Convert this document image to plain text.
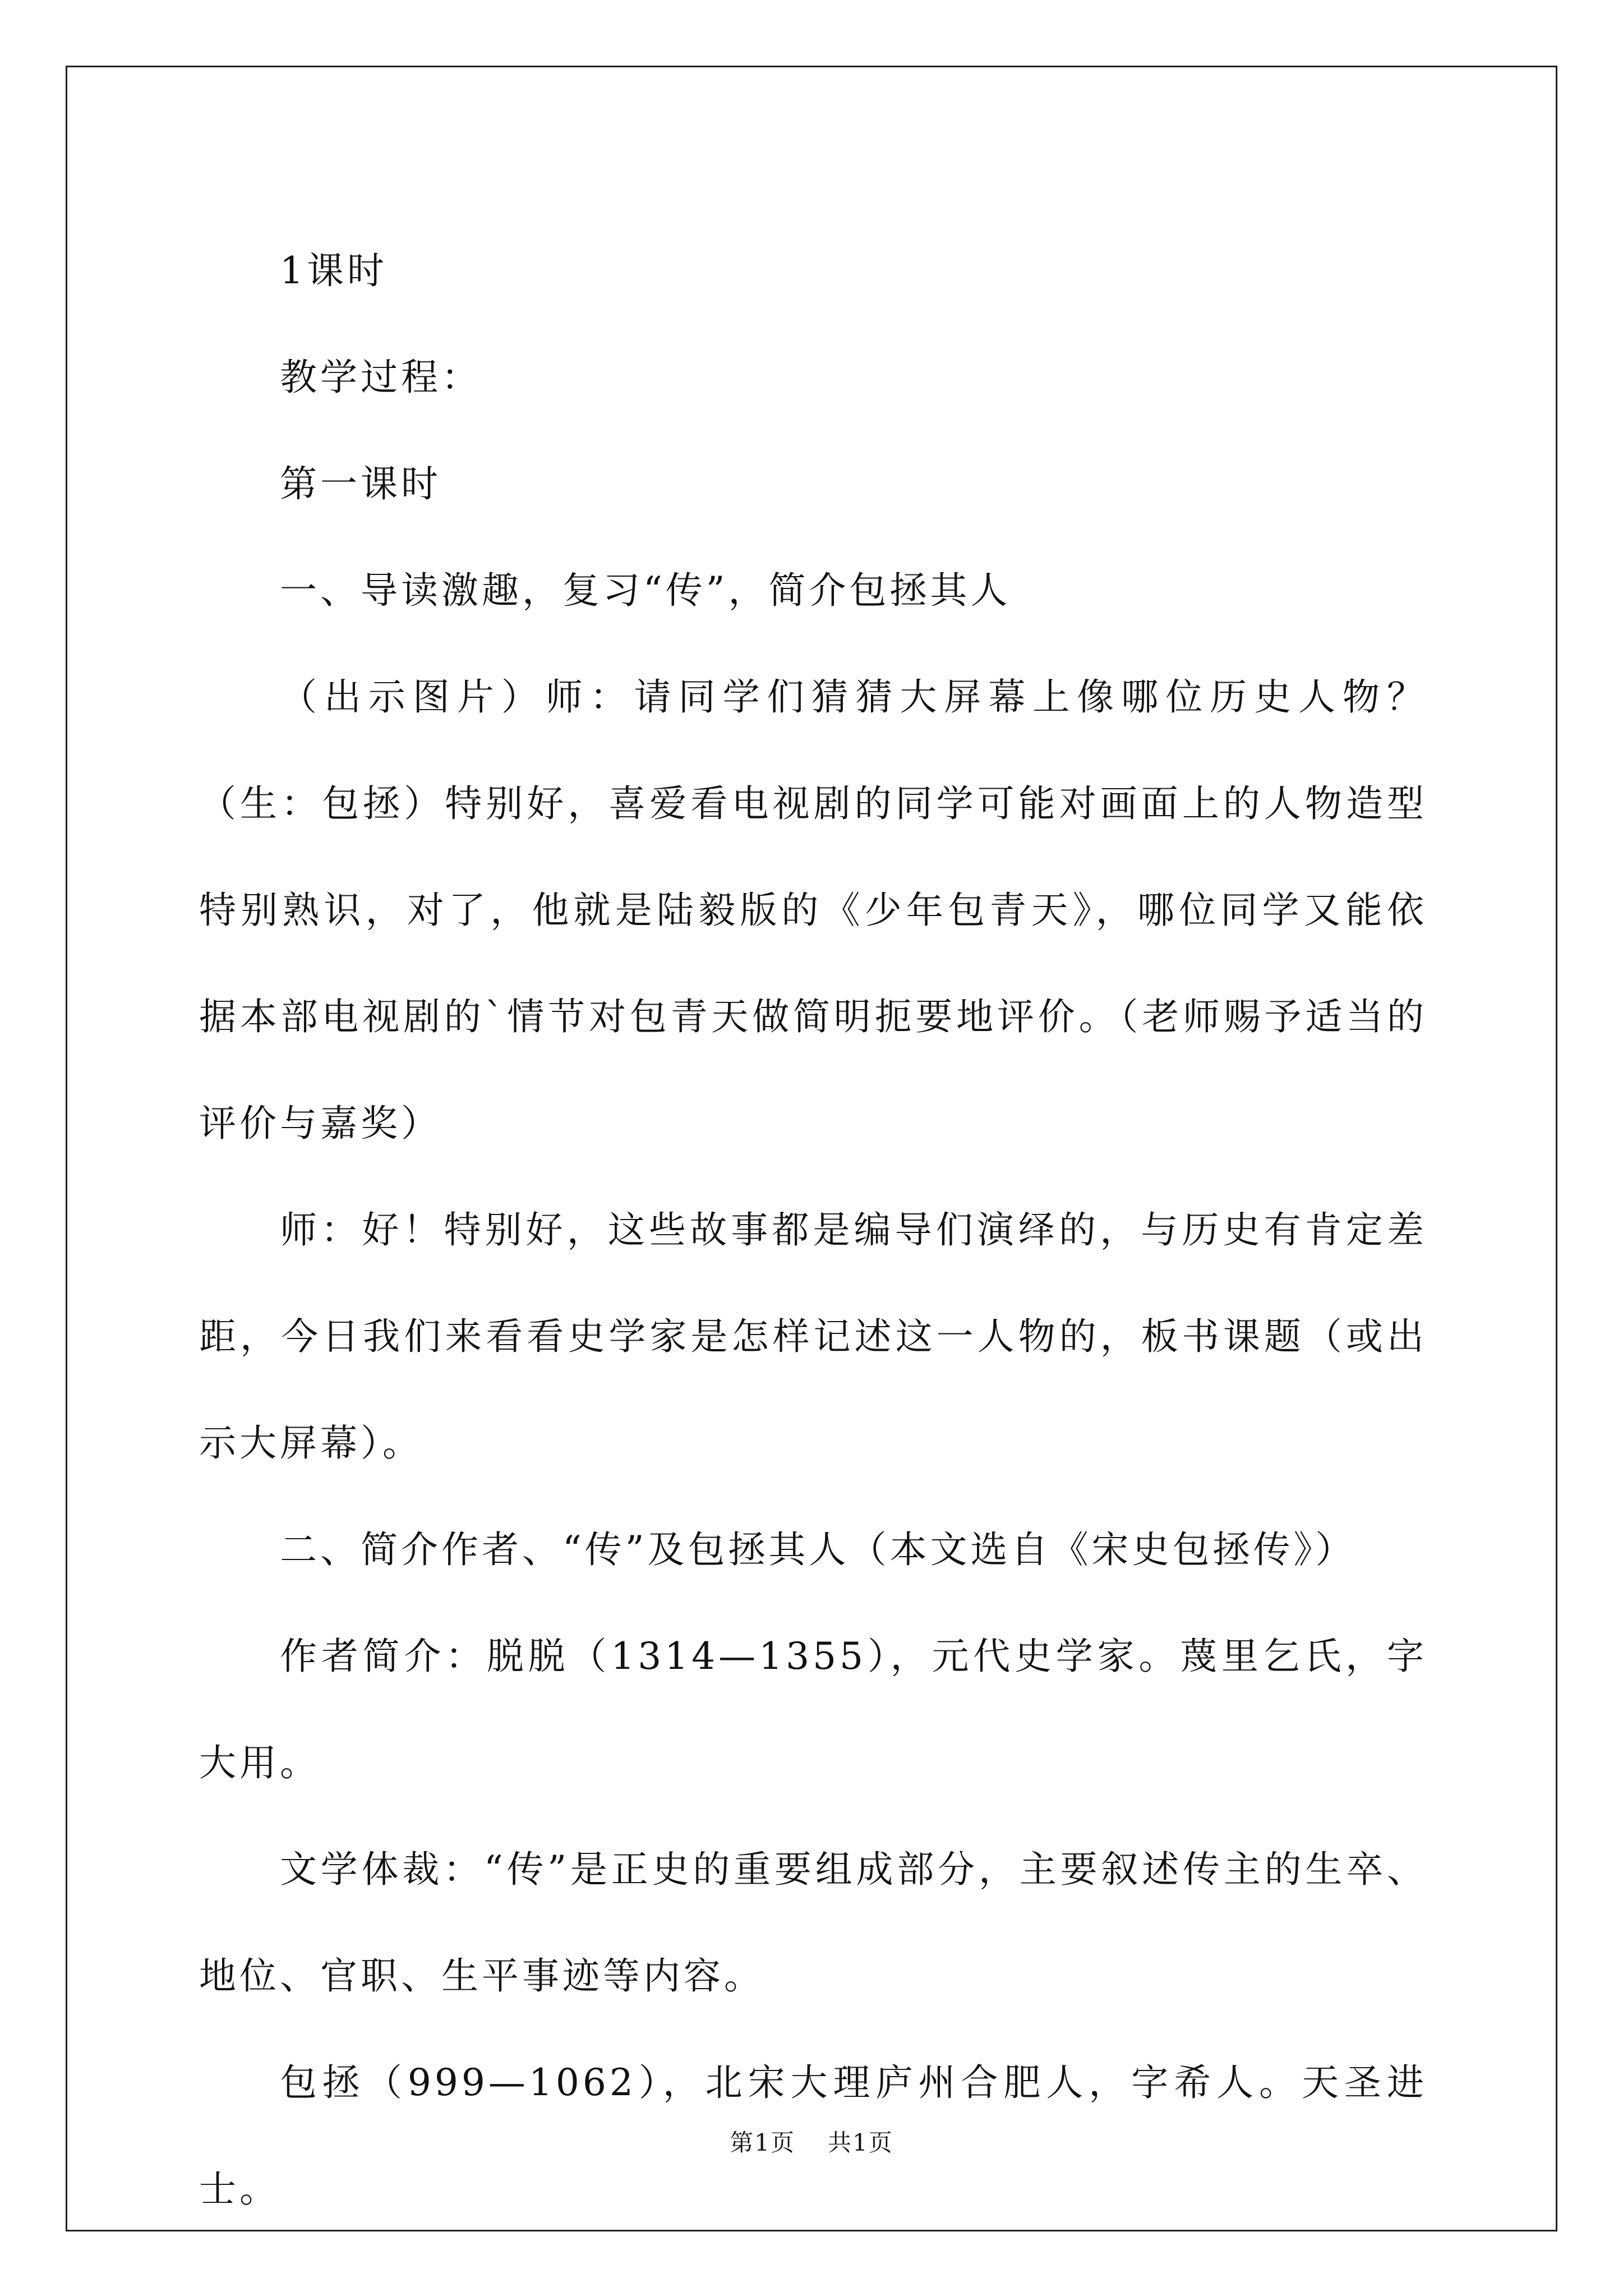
1课时

教学过程：

第一课时

一、导读激趣，复习“传”，简介包拯其人

（出示图片）师：请同学们猜猜大屏幕上像哪位历史人物？（生：包拯）特别好，喜爱看电视剧的同学可能对画面上的人物造型特别熟识，对了，他就是陆毅版的《少年包青天》，哪位同学又能依据本部电视剧的`情节对包青天做简明扼要地评价。（老师赐予适当的评价与嘉奖）

师：好！特别好，这些故事都是编导们演绎的，与历史有肯定差距，今日我们来看看史学家是怎样记述这一人物的，板书课题（或出示大屏幕）。

二、简介作者、“传”及包拯其人（本文选自《宋史包拯传》）

作者简介：脱脱（1314—1355），元代史学家。蔑里乞氏，字大用。

文学体裁：“传”是正史的重要组成部分，主要叙述传主的生卒、地位、官职、生平事迹等内容。

包拯（999—1062），北宋大理庐州合肥人，字希人。天圣进士。

第1页 共1页
